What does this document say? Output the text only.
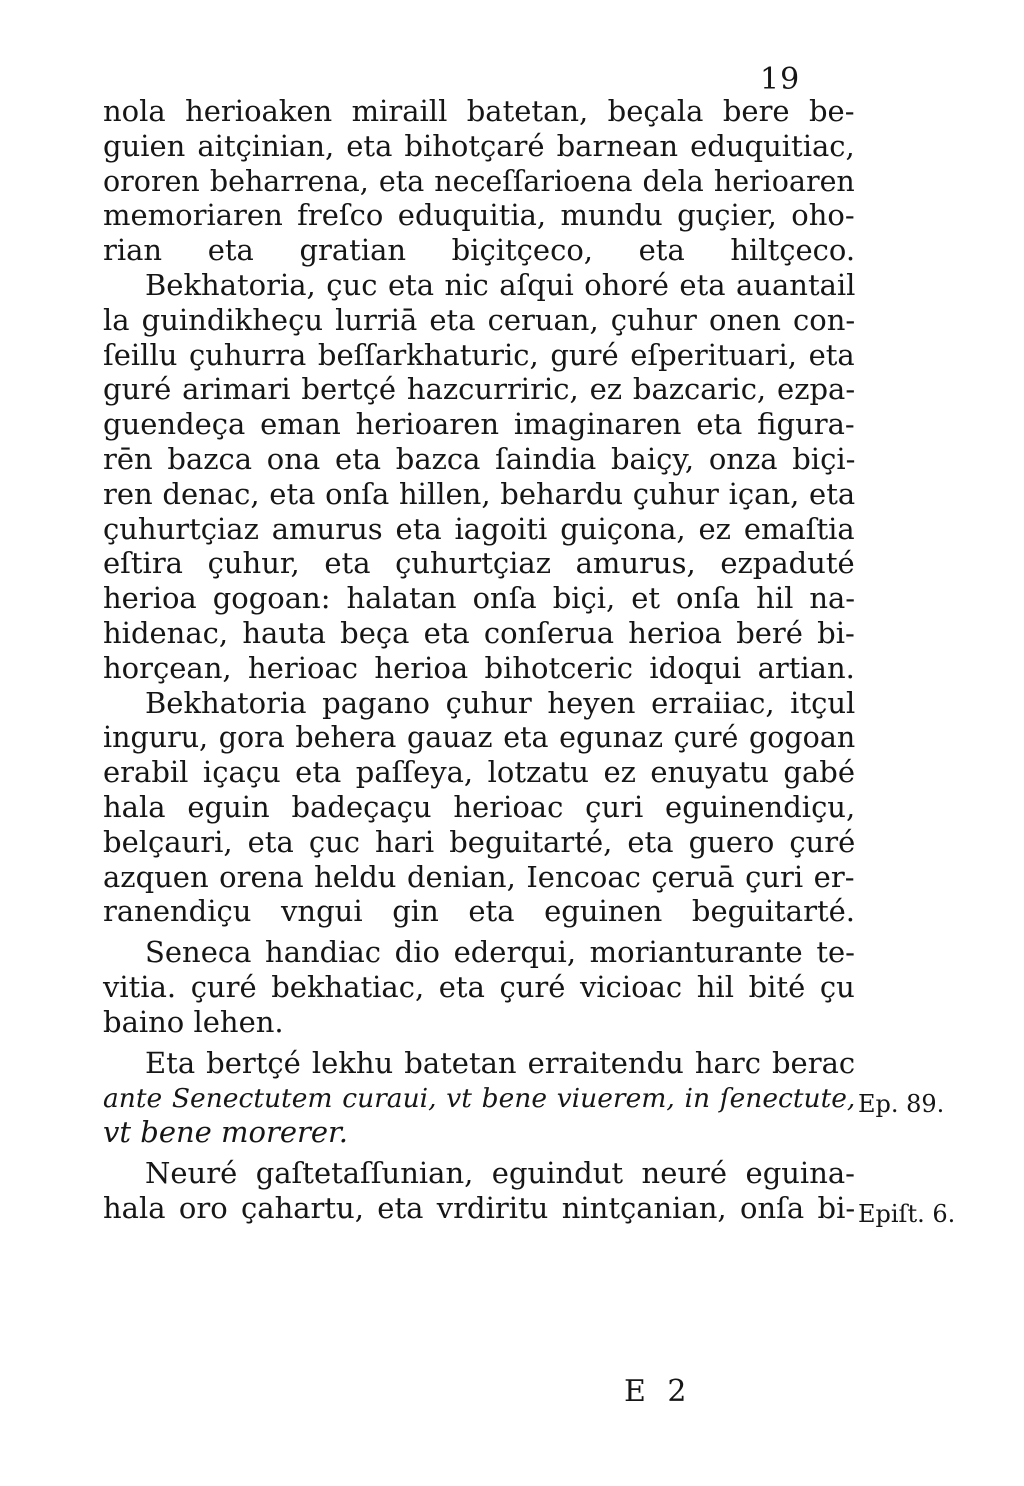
19
nola herioaken miraill batetan, beçala bere be-
guien aitçinian, eta bihotçaré barnean eduquitiac,
ororen beharrena, eta neceſſarioena dela herioaren
memoriaren freſco eduquitia, mundu guçier, oho-
rian eta gratian biçitçeco, eta hiltçeco.
Bekhatoria, çuc eta nic aſqui ohoré eta auantail
la guindikheçu lurriā eta ceruan, çuhur onen con-
ſeillu çuhurra beſſarkhaturic, guré eſperituari, eta
guré arimari bertçé hazcurriric, ez bazcaric, ezpa-
guendeça eman herioaren imaginaren eta figura-
rēn bazca ona eta bazca ſaindia baiçy, onza biçi-
ren denac, eta onſa hillen, behardu çuhur içan, eta
çuhurtçiaz amurus eta iagoiti guiçona, ez emaſtia
eſtira çuhur, eta çuhurtçiaz amurus, ezpaduté
herioa gogoan: halatan onſa biçi, et onſa hil na-
hidenac, hauta beça eta conſerua herioa beré bi-
horçean, herioac herioa bihotceric idoqui artian.
Bekhatoria pagano çuhur heyen erraiiac, itçul
inguru, gora behera gauaz eta egunaz çuré gogoan
erabil içaçu eta paſſeya, lotzatu ez enuyatu gabé
hala eguin badeçaçu herioac çuri eguinendiçu,
belçauri, eta çuc hari beguitarté, eta guero çuré
azquen orena heldu denian, Iencoac çeruā çuri er-
ranendiçu vngui gin eta eguinen beguitarté.
Seneca handiac dio ederqui, morianturante te-
vitia. çuré bekhatiac, eta çuré vicioac hil bité çu
baino lehen.
Eta bertçé lekhu batetan erraitendu harc berac
ante Senectutem curaui, vt bene viuerem, in ſenectute,
vt bene morerer.
Neuré gaſtetaſſunian, eguindut neuré eguina-
hala oro çahartu, eta vrdiritu nintçanian, onſa bi-
Ep. 89.
Epiſt. 6.
E 2
